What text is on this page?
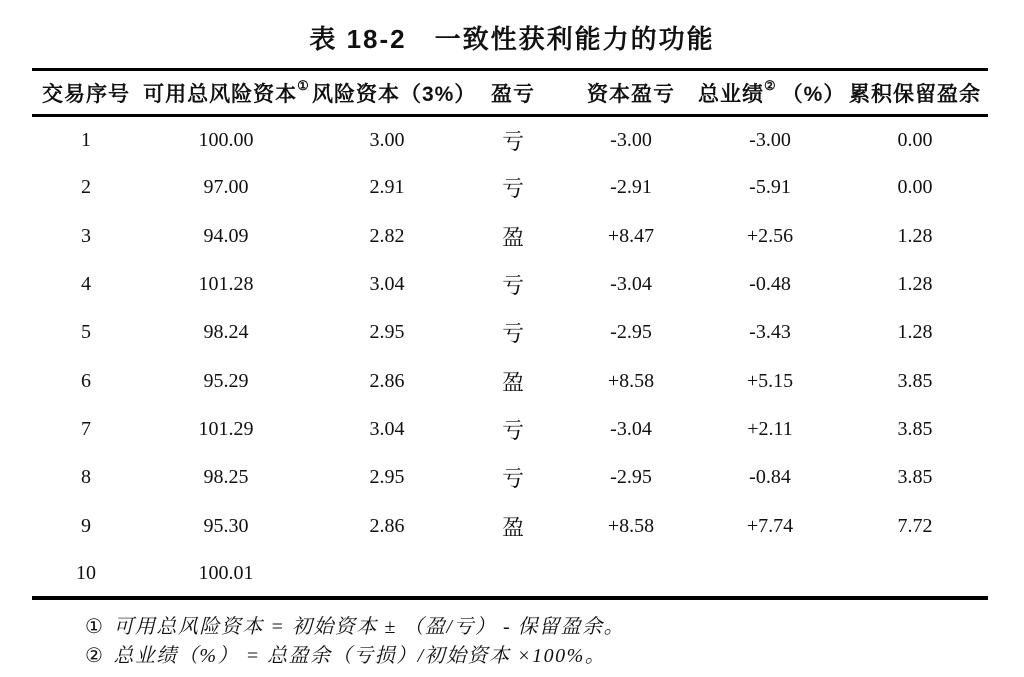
表 18-2　一致性获利能力的功能
交易序号	可用总风险资本①	风险资本（3%）	盈亏	资本盈亏	总业绩② （%）	累积保留盈余
1	100.00	3.00	亏	-3.00	-3.00	0.00
2	97.00	2.91	亏	-2.91	-5.91	0.00
3	94.09	2.82	盈	+8.47	+2.56	1.28
4	101.28	3.04	亏	-3.04	-0.48	1.28
5	98.24	2.95	亏	-2.95	-3.43	1.28
6	95.29	2.86	盈	+8.58	+5.15	3.85
7	101.29	3.04	亏	-3.04	+2.11	3.85
8	98.25	2.95	亏	-2.95	-0.84	3.85
9	95.30	2.86	盈	+8.58	+7.74	7.72
10	100.01					
① 可用总风险资本 = 初始资本 ± （盈/亏） - 保留盈余。
② 总业绩（%） = 总盈余（亏损）/初始资本 ×100%。
